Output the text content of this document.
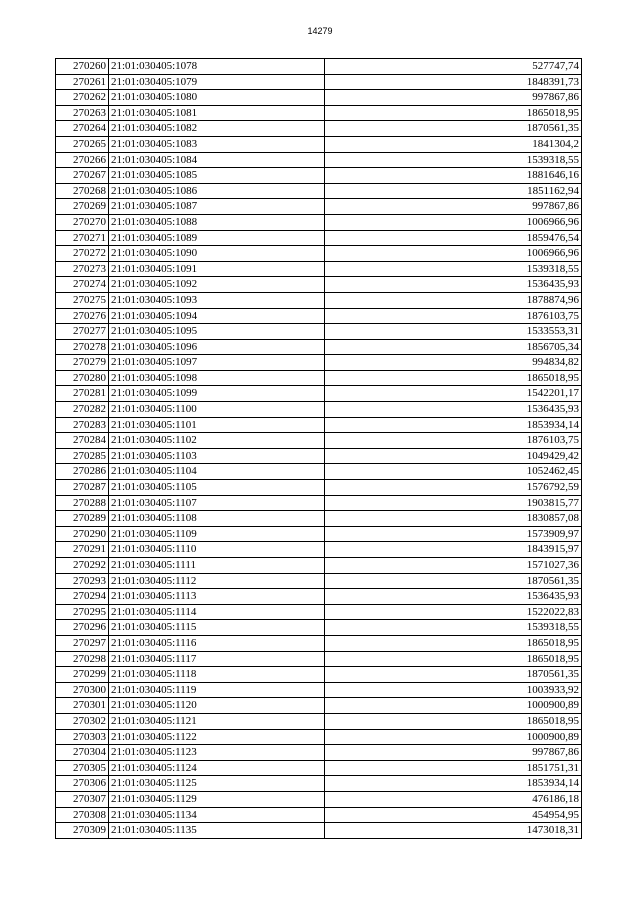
14279
270260	21:01:030405:1078	527747,74
270261	21:01:030405:1079	1848391,73
270262	21:01:030405:1080	997867,86
270263	21:01:030405:1081	1865018,95
270264	21:01:030405:1082	1870561,35
270265	21:01:030405:1083	1841304,2
270266	21:01:030405:1084	1539318,55
270267	21:01:030405:1085	1881646,16
270268	21:01:030405:1086	1851162,94
270269	21:01:030405:1087	997867,86
270270	21:01:030405:1088	1006966,96
270271	21:01:030405:1089	1859476,54
270272	21:01:030405:1090	1006966,96
270273	21:01:030405:1091	1539318,55
270274	21:01:030405:1092	1536435,93
270275	21:01:030405:1093	1878874,96
270276	21:01:030405:1094	1876103,75
270277	21:01:030405:1095	1533553,31
270278	21:01:030405:1096	1856705,34
270279	21:01:030405:1097	994834,82
270280	21:01:030405:1098	1865018,95
270281	21:01:030405:1099	1542201,17
270282	21:01:030405:1100	1536435,93
270283	21:01:030405:1101	1853934,14
270284	21:01:030405:1102	1876103,75
270285	21:01:030405:1103	1049429,42
270286	21:01:030405:1104	1052462,45
270287	21:01:030405:1105	1576792,59
270288	21:01:030405:1107	1903815,77
270289	21:01:030405:1108	1830857,08
270290	21:01:030405:1109	1573909,97
270291	21:01:030405:1110	1843915,97
270292	21:01:030405:1111	1571027,36
270293	21:01:030405:1112	1870561,35
270294	21:01:030405:1113	1536435,93
270295	21:01:030405:1114	1522022,83
270296	21:01:030405:1115	1539318,55
270297	21:01:030405:1116	1865018,95
270298	21:01:030405:1117	1865018,95
270299	21:01:030405:1118	1870561,35
270300	21:01:030405:1119	1003933,92
270301	21:01:030405:1120	1000900,89
270302	21:01:030405:1121	1865018,95
270303	21:01:030405:1122	1000900,89
270304	21:01:030405:1123	997867,86
270305	21:01:030405:1124	1851751,31
270306	21:01:030405:1125	1853934,14
270307	21:01:030405:1129	476186,18
270308	21:01:030405:1134	454954,95
270309	21:01:030405:1135	1473018,31
